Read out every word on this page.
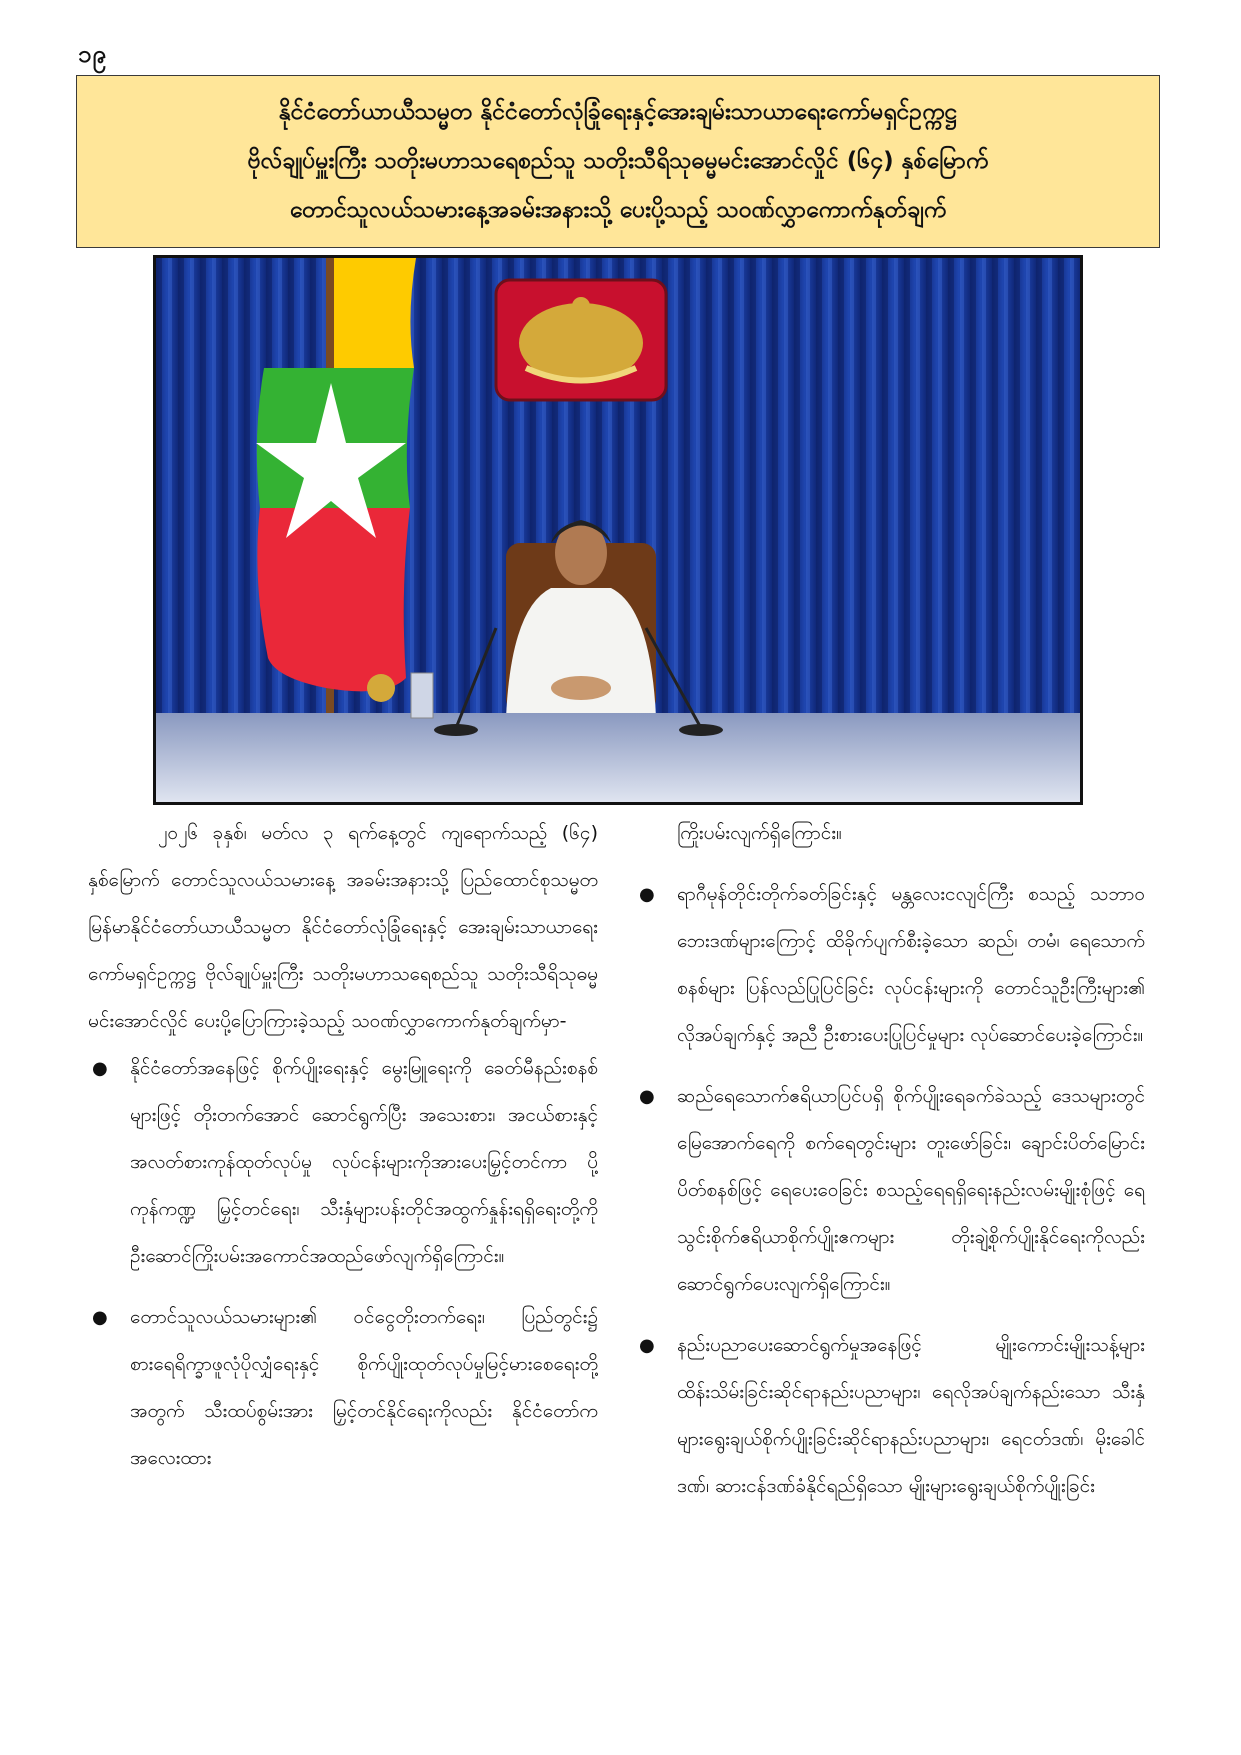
၁၉
နိုင်ငံတော်ယာယီသမ္မတ နိုင်ငံတော်လုံခြုံရေးနှင့်အေးချမ်းသာယာရေးကော်မရှင်ဥက္ကဋ္ဌ
ဗိုလ်ချုပ်မှူးကြီး သတိုးမဟာသရေစည်သူ သတိုးသီရိသုဓမ္မမင်းအောင်လှိုင် (၆၄) နှစ်မြောက်
တောင်သူလယ်သမားနေ့အခမ်းအနားသို့ ပေးပို့သည့် သဝဏ်လွှာကောက်နုတ်ချက်

၂၀၂၆ ခုနှစ်၊ မတ်လ ၃ ရက်နေ့တွင် ကျရောက်သည့် (၆၄) နှစ်မြောက် တောင်သူလယ်သမားနေ့ အခမ်းအနားသို့ ပြည်ထောင်စုသမ္မတမြန်မာနိုင်ငံတော်ယာယီသမ္မတ နိုင်ငံတော်လုံခြုံရေးနှင့် အေးချမ်းသာယာရေးကော်မရှင်ဥက္ကဋ္ဌ ဗိုလ်ချုပ်မှူးကြီး သတိုးမဟာသရေစည်သူ သတိုးသီရိသုဓမ္မ မင်းအောင်လှိုင် ပေးပို့ပြောကြားခဲ့သည့် သဝဏ်လွှာကောက်နုတ်ချက်မှာ-

● နိုင်ငံတော်အနေဖြင့် စိုက်ပျိုးရေးနှင့် မွေးမြူရေးကို ခေတ်မီနည်းစနစ်များဖြင့် တိုးတက်အောင် ဆောင်ရွက်ပြီး အသေးစား၊ အငယ်စားနှင့်အလတ်စားကုန်ထုတ်လုပ်မှု လုပ်ငန်းများကိုအားပေးမြှင့်တင်ကာ ပို့ကုန်ကဏ္ဍ မြှင့်တင်ရေး၊ သီးနှံများပန်းတိုင်အထွက်နှုန်းရရှိရေးတို့ကို ဦးဆောင်ကြိုးပမ်းအကောင်အထည်ဖော်လျက်ရှိကြောင်း။
● တောင်သူလယ်သမားများ၏ ဝင်ငွေတိုးတက်ရေး၊ ပြည်တွင်း၌ စားရေရိက္ခာဖူလုံပိုလျှံရေးနှင့် စိုက်ပျိုးထုတ်လုပ်မှုမြင့်မားစေရေးတို့အတွက် သီးထပ်စွမ်းအား မြှင့်တင်နိုင်ရေးကိုလည်း နိုင်ငံတော်က အလေးထား

ကြိုးပမ်းလျက်ရှိကြောင်း။

● ရာဂီမုန်တိုင်းတိုက်ခတ်ခြင်းနှင့် မန္တလေးငလျင်ကြီး စသည့် သဘာဝဘေးဒဏ်များကြောင့် ထိခိုက်ပျက်စီးခဲ့သော ဆည်၊ တမံ၊ ရေသောက်စနစ်များ ပြန်လည်ပြုပြင်ခြင်း လုပ်ငန်းများကို တောင်သူဦးကြီးများ၏ လိုအပ်ချက်နှင့် အညီ ဦးစားပေးပြုပြင်မှုများ လုပ်ဆောင်ပေးခဲ့ကြောင်း။
● ဆည်ရေသောက်ဧရိယာပြင်ပရှိ စိုက်ပျိုးရေခက်ခဲသည့် ဒေသများတွင် မြေအောက်ရေကို စက်ရေတွင်းများ တူးဖော်ခြင်း၊ ချောင်းပိတ်မြောင်းပိတ်စနစ်ဖြင့် ရေပေးဝေခြင်း စသည့်ရေရရှိရေးနည်းလမ်းမျိုးစုံဖြင့် ရေသွင်းစိုက်ဧရိယာစိုက်ပျိုးဧကများ တိုးချဲ့စိုက်ပျိုးနိုင်ရေးကိုလည်း ဆောင်ရွက်ပေးလျက်ရှိကြောင်း။
● နည်းပညာပေးဆောင်ရွက်မှုအနေဖြင့် မျိုးကောင်းမျိုးသန့်များ ထိန်းသိမ်းခြင်းဆိုင်ရာနည်းပညာများ၊ ရေလိုအပ်ချက်နည်းသော သီးနှံများရွေးချယ်စိုက်ပျိုးခြင်းဆိုင်ရာနည်းပညာများ၊ ရေငတ်ဒဏ်၊ မိုးခေါင်ဒဏ်၊ ဆားငန်ဒဏ်ခံနိုင်ရည်ရှိသော မျိုးများရွေးချယ်စိုက်ပျိုးခြင်း
